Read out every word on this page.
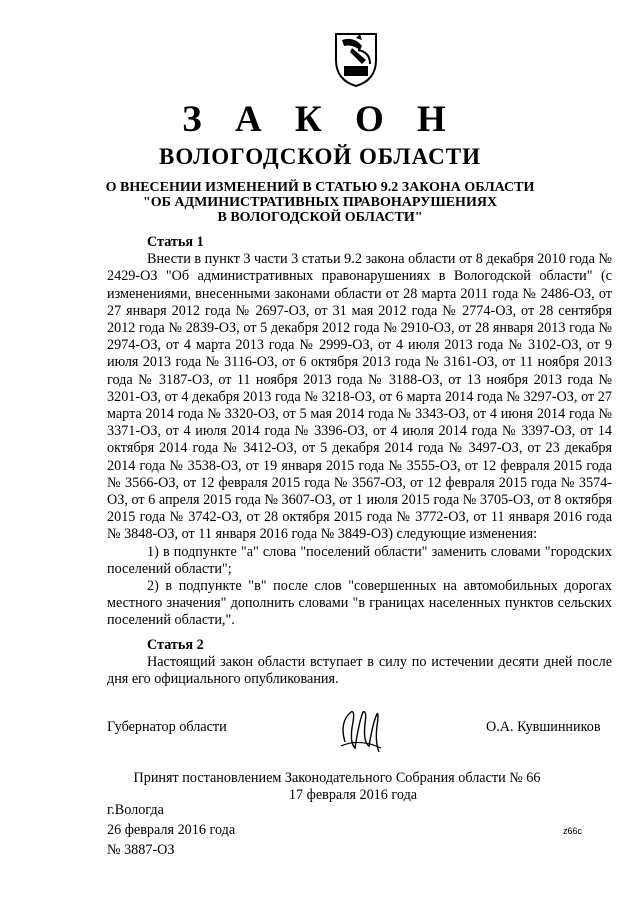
З А К О Н
ВОЛОГОДСКОЙ ОБЛАСТИ
О ВНЕСЕНИИ ИЗМЕНЕНИЙ В СТАТЬЮ 9.2 ЗАКОНА ОБЛАСТИ
"ОБ АДМИНИСТРАТИВНЫХ ПРАВОНАРУШЕНИЯХ
В ВОЛОГОДСКОЙ ОБЛАСТИ"
Статья 1

Внести в пункт 3 части 3 статьи 9.2 закона области от 8 декабря 2010 года № 2429-ОЗ "Об административных правонарушениях в Вологодской области" (с изменениями, внесенными законами области от 28 марта 2011 года № 2486-ОЗ, от 27 января 2012 года № 2697-ОЗ, от 31 мая 2012 года № 2774-ОЗ, от 28 сентября 2012 года № 2839-ОЗ, от 5 декабря 2012 года № 2910-ОЗ, от 28 января 2013 года № 2974-ОЗ, от 4 марта 2013 года № 2999-ОЗ, от 4 июля 2013 года № 3102-ОЗ, от 9 июля 2013 года № 3116-ОЗ, от 6 октября 2013 года № 3161-ОЗ, от 11 ноября 2013 года № 3187-ОЗ, от 11 ноября 2013 года № 3188-ОЗ, от 13 ноября 2013 года № 3201-ОЗ, от 4 декабря 2013 года № 3218-ОЗ, от 6 марта 2014 года № 3297-ОЗ, от 27 марта 2014 года № 3320-ОЗ, от 5 мая 2014 года № 3343-ОЗ, от 4 июня 2014 года № 3371-ОЗ, от 4 июля 2014 года № 3396-ОЗ, от 4 июля 2014 года № 3397-ОЗ, от 14 октября 2014 года № 3412-ОЗ, от 5 декабря 2014 года № 3497-ОЗ, от 23 декабря 2014 года № 3538-ОЗ, от 19 января 2015 года № 3555-ОЗ, от 12 февраля 2015 года № 3566-ОЗ, от 12 февраля 2015 года № 3567-ОЗ, от 12 февраля 2015 года № 3574-ОЗ, от 6 апреля 2015 года № 3607-ОЗ, от 1 июля 2015 года № 3705-ОЗ, от 8 октября 2015 года № 3742-ОЗ, от 28 октября 2015 года № 3772-ОЗ, от 11 января 2016 года № 3848-ОЗ, от 11 января 2016 года № 3849-ОЗ) следующие изменения:

1) в подпункте "а" слова "поселений области" заменить словами "городских поселений области";

2) в подпункте "в" после слов "совершенных на автомобильных дорогах местного значения" дополнить словами "в границах населенных пунктов сельских поселений области,".

Статья 2

Настоящий закон области вступает в силу по истечении десяти дней после дня его официального опубликования.

Губернатор области	О.А. Кувшинников
Принят постановлением Законодательного Собрания области № 66
17 февраля 2016 года
г.Вологда
26 февраля 2016 года
№ 3887-ОЗ
z66c
